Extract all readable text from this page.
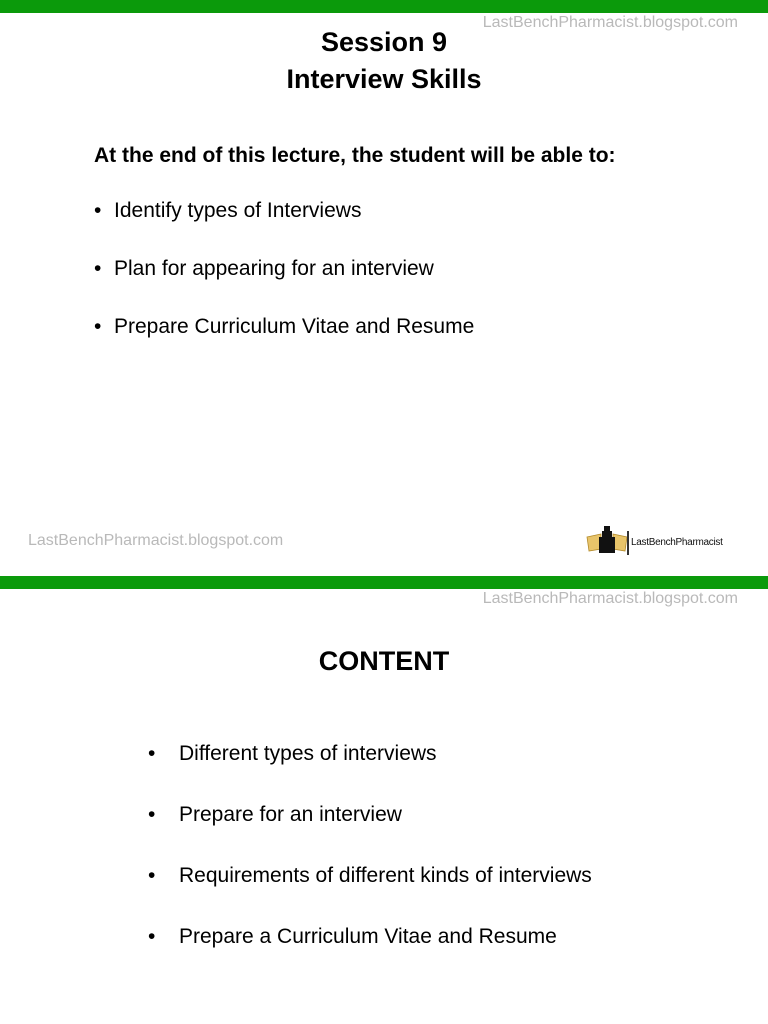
LastBenchPharmacist.blogspot.com
Session 9
Interview Skills
At the end of this lecture, the student will be able to:
• Identify types of Interviews
• Plan for appearing for an interview
• Prepare Curriculum Vitae and Resume
LastBenchPharmacist.blogspot.com	LastBenchPharmacist
LastBenchPharmacist.blogspot.com
CONTENT
• Different types of interviews
• Prepare for an interview
• Requirements of different kinds of interviews
• Prepare a Curriculum Vitae and Resume
